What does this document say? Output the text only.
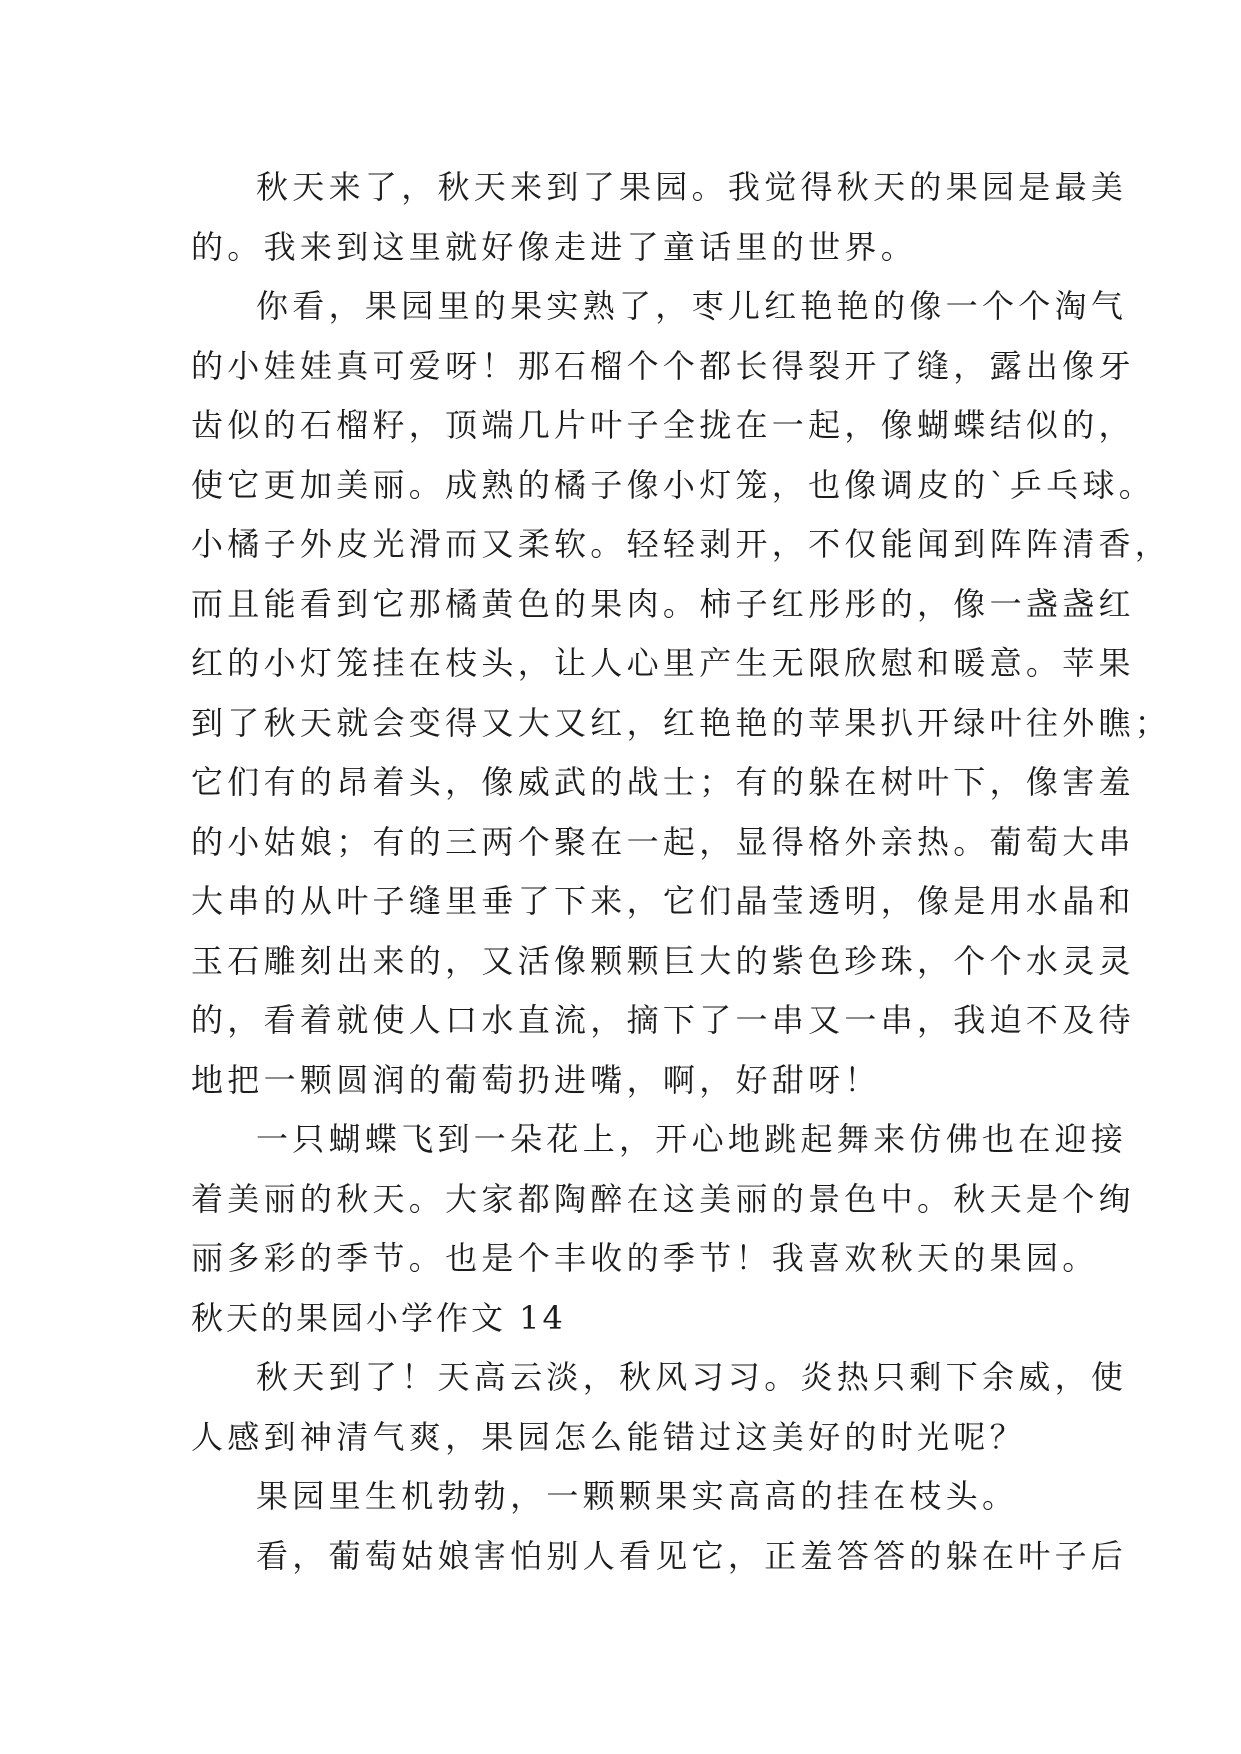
秋天来了，秋天来到了果园。我觉得秋天的果园是最美
的。我来到这里就好像走进了童话里的世界。
你看，果园里的果实熟了，枣儿红艳艳的像一个个淘气
的小娃娃真可爱呀！那石榴个个都长得裂开了缝，露出像牙
齿似的石榴籽，顶端几片叶子全拢在一起，像蝴蝶结似的，
使它更加美丽。成熟的橘子像小灯笼，也像调皮的`乒乓球。
小橘子外皮光滑而又柔软。轻轻剥开，不仅能闻到阵阵清香，
而且能看到它那橘黄色的果肉。柿子红彤彤的，像一盏盏红
红的小灯笼挂在枝头，让人心里产生无限欣慰和暖意。苹果
到了秋天就会变得又大又红，红艳艳的苹果扒开绿叶往外瞧；
它们有的昂着头，像威武的战士；有的躲在树叶下，像害羞
的小姑娘；有的三两个聚在一起，显得格外亲热。葡萄大串
大串的从叶子缝里垂了下来，它们晶莹透明，像是用水晶和
玉石雕刻出来的，又活像颗颗巨大的紫色珍珠，个个水灵灵
的，看着就使人口水直流，摘下了一串又一串，我迫不及待
地把一颗圆润的葡萄扔进嘴，啊，好甜呀！
一只蝴蝶飞到一朵花上，开心地跳起舞来仿佛也在迎接
着美丽的秋天。大家都陶醉在这美丽的景色中。秋天是个绚
丽多彩的季节。也是个丰收的季节！我喜欢秋天的果园。
秋天的果园小学作文 14
秋天到了！天高云淡，秋风习习。炎热只剩下余威，使
人感到神清气爽，果园怎么能错过这美好的时光呢？
果园里生机勃勃，一颗颗果实高高的挂在枝头。
看，葡萄姑娘害怕别人看见它，正羞答答的躲在叶子后
